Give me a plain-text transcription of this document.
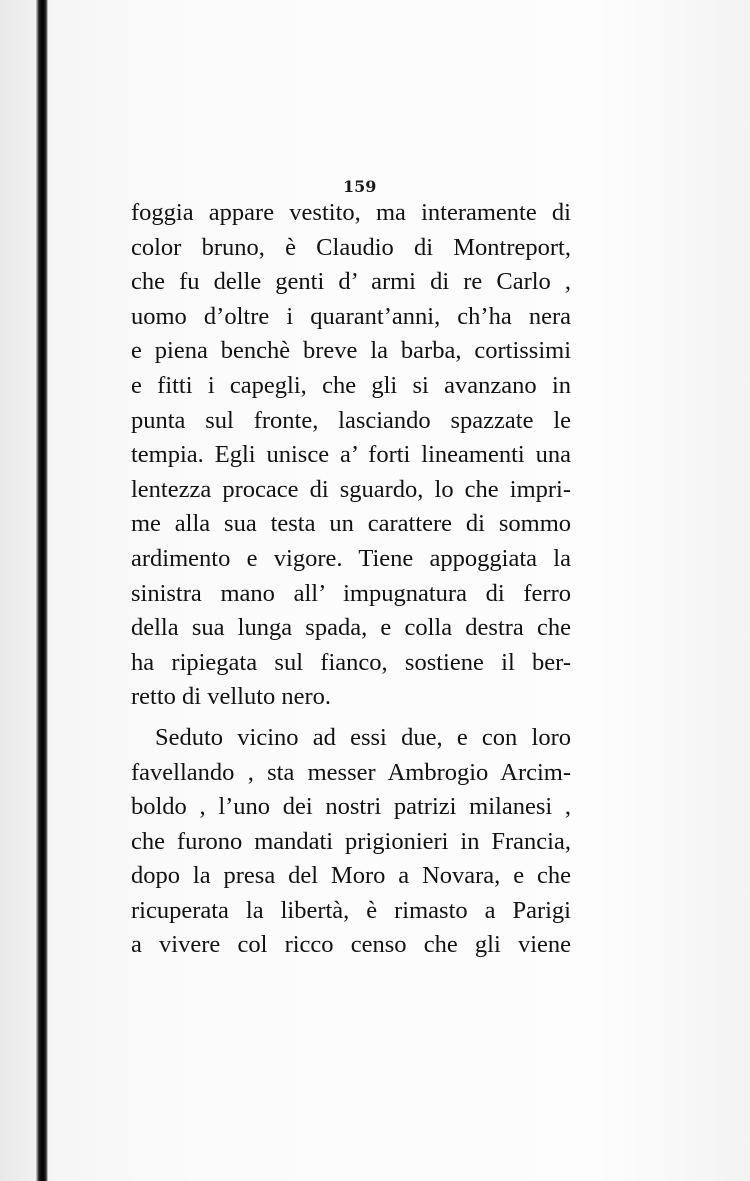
159
foggia appare vestito, ma interamente di
color bruno, è Claudio di Montreport,
che fu delle genti d’ armi di re Carlo ,
uomo d’oltre i quarant’anni, ch’ha nera
e piena benchè breve la barba, cortissimi
e fitti i capegli, che gli si avanzano in
punta sul fronte, lasciando spazzate le
tempia. Egli unisce a’ forti lineamenti una
lentezza procace di sguardo, lo che impri-
me alla sua testa un carattere di sommo
ardimento e vigore. Tiene appoggiata la
sinistra mano all’ impugnatura di ferro
della sua lunga spada, e colla destra che
ha ripiegata sul fianco, sostiene il ber-
retto di velluto nero.
Seduto vicino ad essi due, e con loro
favellando , sta messer Ambrogio Arcim-
boldo , l’uno dei nostri patrizi milanesi ,
che furono mandati prigionieri in Francia,
dopo la presa del Moro a Novara, e che
ricuperata la libertà, è rimasto a Parigi
a vivere col ricco censo che gli viene
